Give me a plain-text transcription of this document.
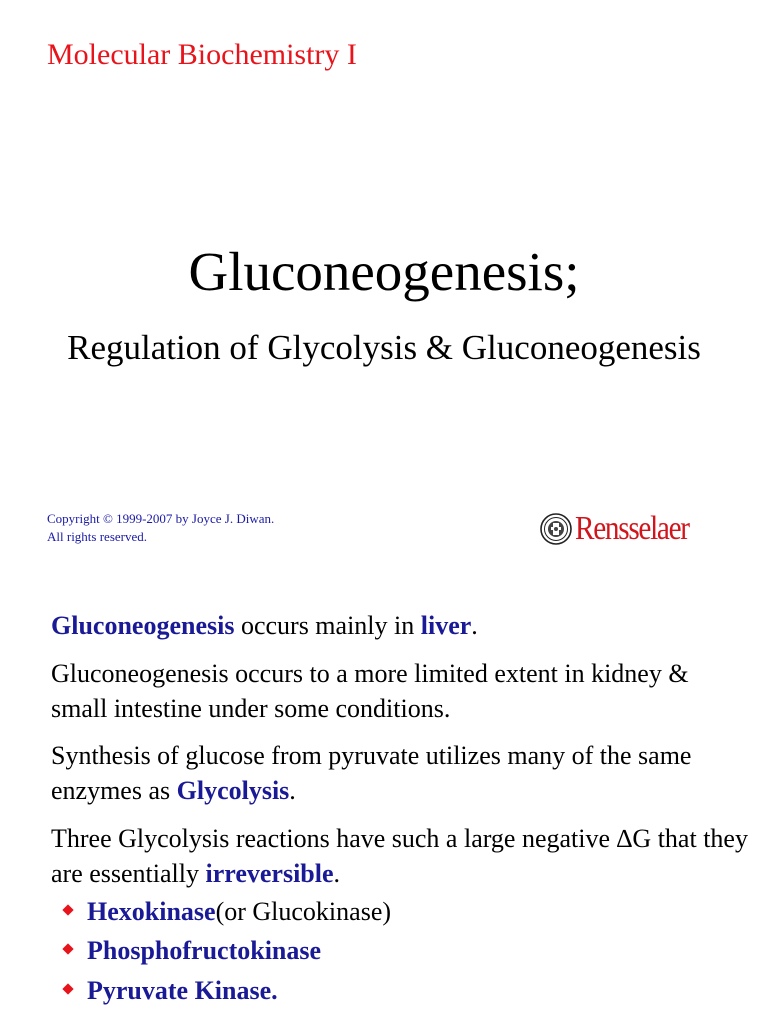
Molecular Biochemistry I
Gluconeogenesis;
Regulation of Glycolysis & Gluconeogenesis
Copyright © 1999-2007 by Joyce J. Diwan.
All rights reserved.	Rensselaer
Gluconeogenesis occurs mainly in liver.
Gluconeogenesis occurs to a more limited extent in kidney & small intestine under some conditions.
Synthesis of glucose from pyruvate utilizes many of the same enzymes as Glycolysis.
Three Glycolysis reactions have such a large negative ∆G that they are essentially irreversible.
Hexokinase (or Glucokinase)
Phosphofructokinase
Pyruvate Kinase.
